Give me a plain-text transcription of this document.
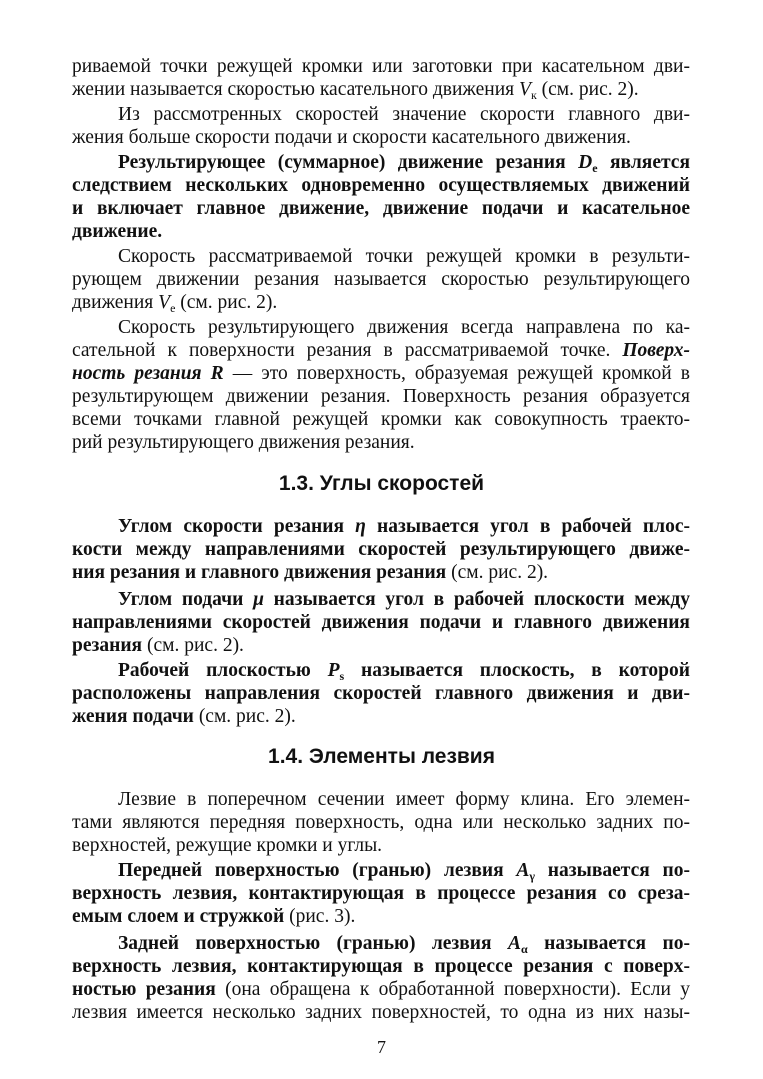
риваемой точки режущей кромки или заготовки при касательном дви-
жении называется скоростью касательного движения $V_к$ (см. рис. 2).
Из рассмотренных скоростей значение скорости главного дви-
жения больше скорости подачи и скорости касательного движения.
Результирующее (суммарное) движение резания $D_e$ является
следствием нескольких одновременно осуществляемых движений
и включает главное движение, движение подачи и касательное
движение.
Скорость рассматриваемой точки режущей кромки в результи-
рующем движении резания называется скоростью результирующего
движения $V_e$ (см. рис. 2).
Скорость результирующего движения всегда направлена по ка-
сательной к поверхности резания в рассматриваемой точке. Поверх-
ность резания R — это поверхность, образуемая режущей кромкой в
результирующем движении резания. Поверхность резания образуется
всеми точками главной режущей кромки как совокупность траекто-
рий результирующего движения резания.
1.3. Углы скоростей
Углом скорости резания η называется угол в рабочей плос-
кости между направлениями скоростей результирующего движе-
ния резания и главного движения резания (см. рис. 2).
Углом подачи μ называется угол в рабочей плоскости между
направлениями скоростей движения подачи и главного движения
резания (см. рис. 2).
Рабочей плоскостью $P_s$ называется плоскость, в которой
расположены направления скоростей главного движения и дви-
жения подачи (см. рис. 2).
1.4. Элементы лезвия
Лезвие в поперечном сечении имеет форму клина. Его элемен-
тами являются передняя поверхность, одна или несколько задних по-
верхностей, режущие кромки и углы.
Передней поверхностью (гранью) лезвия $A_\gamma$ называется по-
верхность лезвия, контактирующая в процессе резания со среза-
емым слоем и стружкой (рис. 3).
Задней поверхностью (гранью) лезвия $A_\alpha$ называется по-
верхность лезвия, контактирующая в процессе резания с поверх-
ностью резания (она обращена к обработанной поверхности). Если у
лезвия имеется несколько задних поверхностей, то одна из них назы-
7
